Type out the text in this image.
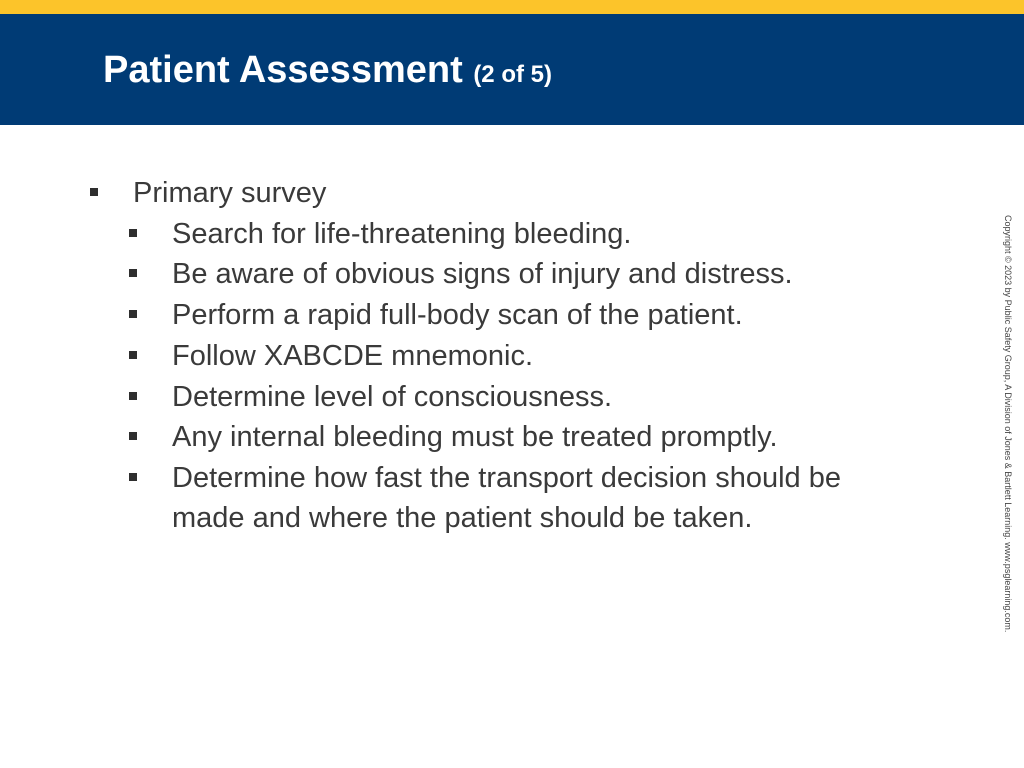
Patient Assessment (2 of 5)
Primary survey
Search for life-threatening bleeding.
Be aware of obvious signs of injury and distress.
Perform a rapid full-body scan of the patient.
Follow XABCDE mnemonic.
Determine level of consciousness.
Any internal bleeding must be treated promptly.
Determine how fast the transport decision should be made and where the patient should be taken.	Copyright © 2023 by Public Safety Group, A Division of Jones & Bartlett Learning. www.psglearning.com.
